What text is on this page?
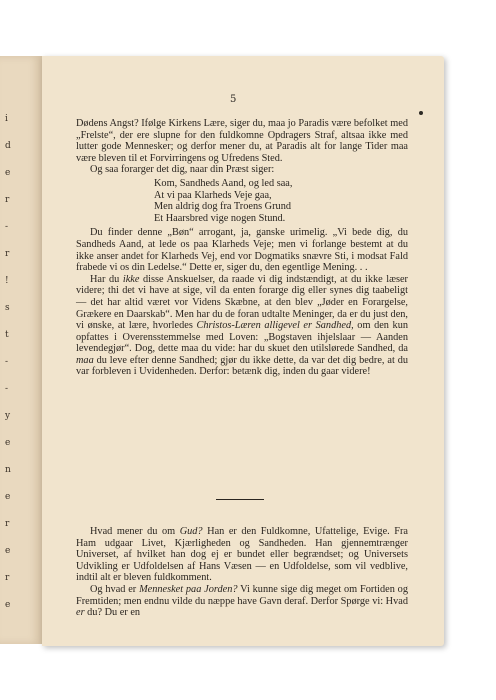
i
d
e
r
-
r
!
s
t
-
-
y
e
n
e
r
e
r
e
5

Dødens Angst? Ifølge Kirkens Lære, siger du, maa jo Paradis være befolket med „Frelste“, der ere slupne for den fuldkomne Opdragers Straf, altsaa ikke med lutter gode Mennesker; og derfor mener du, at Paradis alt for lange Tider maa være bleven til et Forvirringens og Ufredens Sted.

Og saa forarger det dig, naar din Præst siger:

Kom, Sandheds Aand, og led saa,
At vi paa Klarheds Veje gaa,
Men aldrig dog fra Troens Grund
Et Haarsbred vige nogen Stund.

Du finder denne „Bøn“ arrogant, ja, ganske urimelig. „Vi bede dig, du Sandheds Aand, at lede os paa Klarheds Veje; men vi forlange bestemt at du ikke anser andet for Klarheds Vej, end vor Dogmatiks snævre Sti, i modsat Fald frabede vi os din Ledelse.“ Dette er, siger du, den egentlige Mening. . .

Har du ikke disse Anskuelser, da raade vi dig indstændigt, at du ikke læser videre; thi det vi have at sige, vil da enten forarge dig eller synes dig taabeligt — det har altid været vor Videns Skæbne, at den blev „Jøder en Forargelse, Grækere en Daarskab“. Men har du de foran udtalte Meninger, da er du just den, vi ønske, at lære, hvorledes Christos-Læren alligevel er Sandhed, om den kun opfattes i Overensstemmelse med Loven: „Bogstaven ihjelslaar — Aanden levendegjør“. Dog, dette maa du vide: har du skuet den utilslørede Sandhed, da maa du leve efter denne Sandhed; gjør du ikke dette, da var det dig bedre, at du var forbleven i Uvidenheden. Derfor: betænk dig, inden du gaar videre!

Hvad mener du om Gud? Han er den Fuldkomne, Ufattelige, Evige. Fra Ham udgaar Livet, Kjærligheden og Sandheden. Han gjennemtrænger Universet, af hvilket han dog ej er bundet eller begrændset; og Universets Udvikling er Udfoldelsen af Hans Væsen — en Udfoldelse, som vil vedblive, indtil alt er bleven fuldkomment.

Og hvad er Mennesket paa Jorden? Vi kunne sige dig meget om Fortiden og Fremtiden; men endnu vilde du næppe have Gavn deraf. Derfor Spørge vi: Hvad er du? Du er en
